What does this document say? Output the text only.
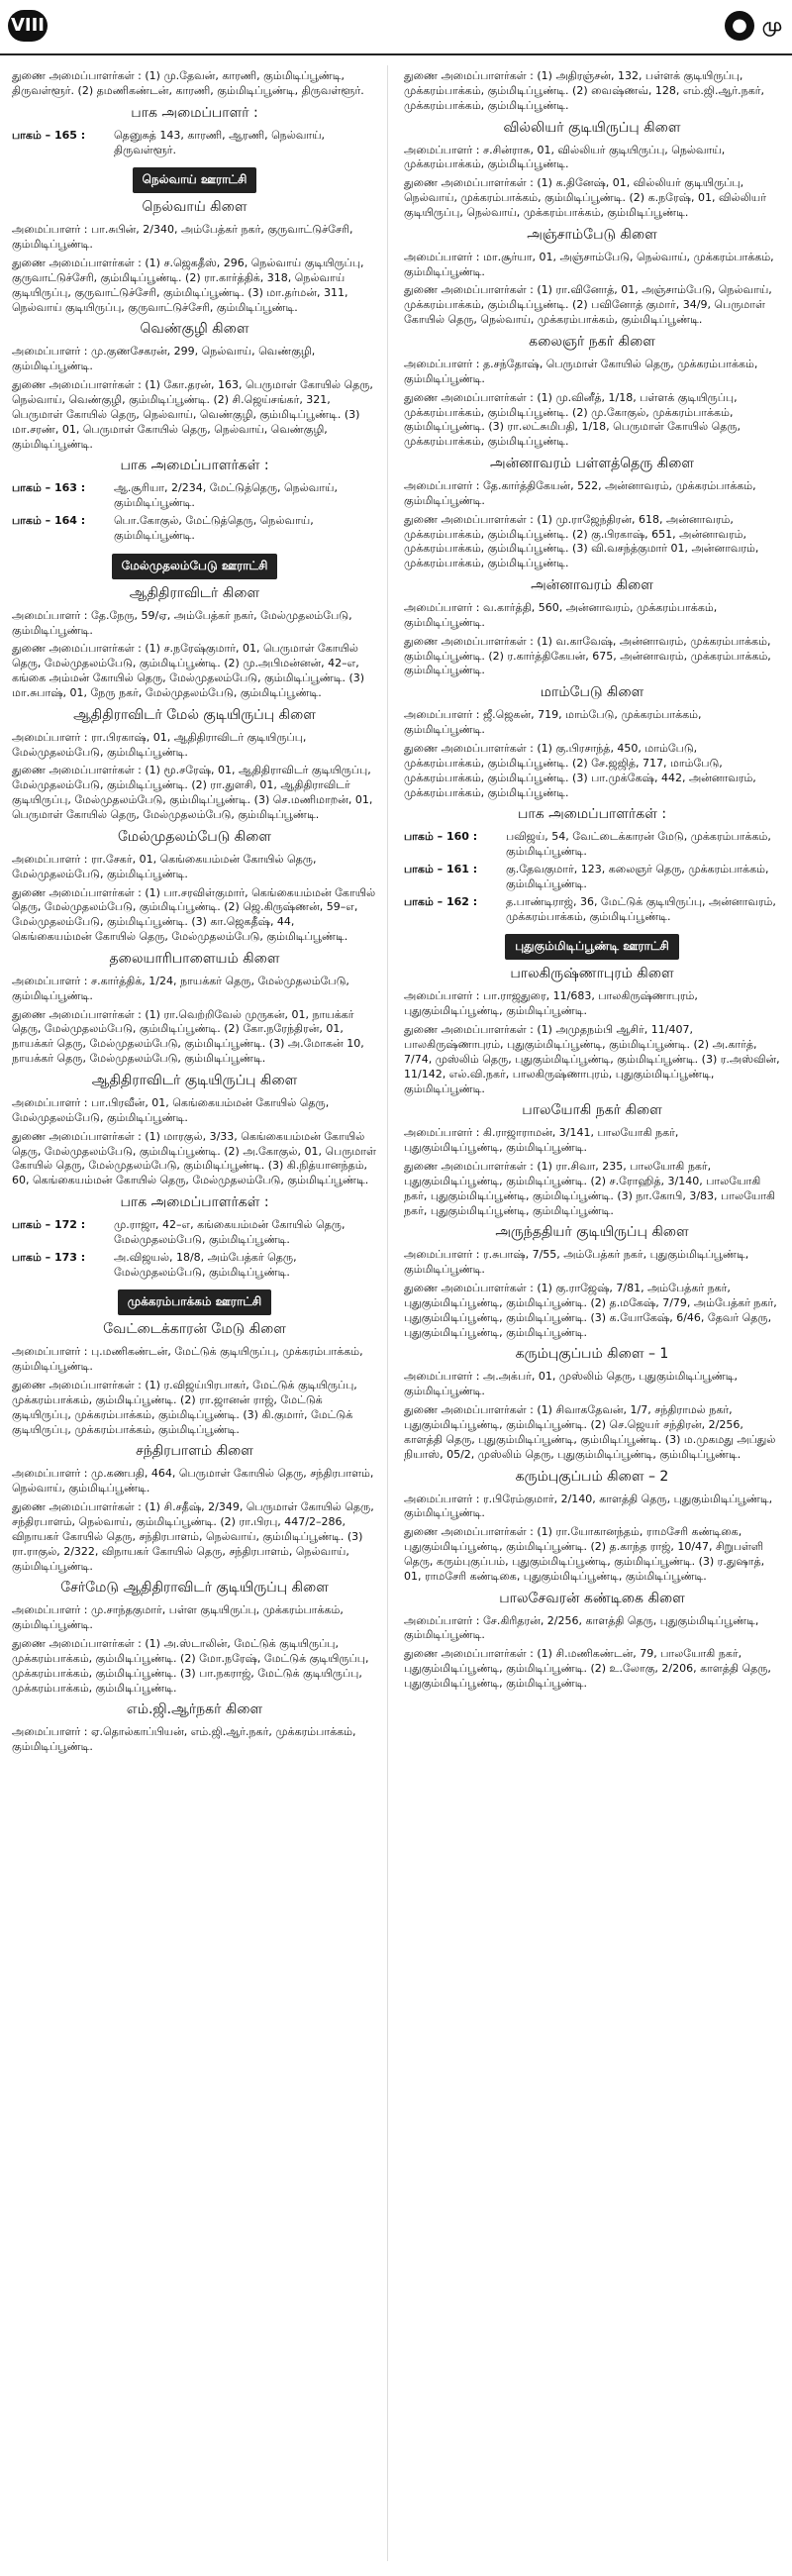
VIII	● மு
துணை அமைப்பாளர்கள் : (1) மு.தேவன், காரணி, கும்மிடிப்பூண்டி, திருவள்ளூர். (2) தமணிகண்டன், காரணி, கும்மிடிப்பூண்டி, திருவள்ளூர்.
பாக அமைப்பாளர் :
பாகம் – 165 :	தெனுசுத் 143, காரணி, ஆரணி, நெல்வாய், திருவள்ளூர்.
நெல்வாய் ஊராட்சி
நெல்வாய் கிளை
அமைப்பாளர் : பா.சுபின், 2/340, அம்பேத்கர் நகர், குருவாட்டுச்சேரி, கும்மிடிப்பூண்டி.
துணை அமைப்பாளர்கள் : (1) ச.ஜெகதீஸ், 296, நெல்வாய் குடியிருப்பு, குருவாட்டுச்சேரி, கும்மிடிப்பூண்டி. (2) ரா.கார்த்திக், 318, நெல்வாய் குடியிருப்பு, குருவாட்டுச்சேரி, கும்மிடிப்பூண்டி. (3) மா.தர்மன், 311, நெல்வாய் குடியிருப்பு, குருவாட்டுச்சேரி, கும்மிடிப்பூண்டி.
வெண்குழி கிளை
அமைப்பாளர் : மு.குணசேகரன், 299, நெல்வாய், வெண்குழி, கும்மிடிப்பூண்டி.
துணை அமைப்பாளர்கள் : (1) கோ.தரன், 163, பெருமாள் கோயில் தெரு, நெல்வாய், வெண்குழி, கும்மிடிப்பூண்டி. (2) சி.ஜெய்சங்கர், 321, பெருமாள் கோயில் தெரு, நெல்வாய், வெண்குழி, கும்மிடிப்பூண்டி. (3) மா.சரண், 01, பெருமாள் கோயில் தெரு, நெல்வாய், வெண்குழி, கும்மிடிப்பூண்டி.
பாக அமைப்பாளர்கள் :
பாகம் – 163 :	ஆ.சூரியா, 2/234, மேட்டுத்தெரு, நெல்வாய், கும்மிடிப்பூண்டி.
பாகம் – 164 :	பொ.கோகுல், மேட்டுத்தெரு, நெல்வாய், கும்மிடிப்பூண்டி.
மேல்முதலம்பேடு ஊராட்சி
ஆதிதிராவிடர் கிளை
அமைப்பாளர் : தே.நேரு, 59/ஏ, அம்பேத்கர் நகர், மேல்முதலம்பேடு, கும்மிடிப்பூண்டி.
துணை அமைப்பாளர்கள் : (1) ச.நரேஷ்குமார், 01, பெருமாள் கோயில் தெரு, மேல்முதலம்பேடு, கும்மிடிப்பூண்டி. (2) மு.அபிமன்னன், 42–எ, கங்கை அம்மன் கோயில் தெரு, மேல்முதலம்பேடு, கும்மிடிப்பூண்டி. (3) மா.சுபாஷ், 01, நேரு நகர், மேல்முதலம்பேடு, கும்மிடிப்பூண்டி.
ஆதிதிராவிடர் மேல் குடியிருப்பு கிளை
அமைப்பாளர் : ரா.பிரகாஷ், 01, ஆதிதிராவிடர் குடியிருப்பு, மேல்முதலம்பேடு, கும்மிடிப்பூண்டி.
துணை அமைப்பாளர்கள் : (1) மூ.சரேஷ், 01, ஆதிதிராவிடர் குடியிருப்பு, மேல்முதலம்பேடு, கும்மிடிப்பூண்டி. (2) ரா.துளசி, 01, ஆதிதிராவிடர் குடியிருப்பு, மேல்முதலம்பேடு, கும்மிடிப்பூண்டி. (3) செ.மணிமாறன், 01, பெருமாள் கோயில் தெரு, மேல்முதலம்பேடு, கும்மிடிப்பூண்டி.
மேல்முதலம்பேடு கிளை
அமைப்பாளர் : ரா.சேகர், 01, கெங்கையம்மன் கோயில் தெரு, மேல்முதலம்பேடு, கும்மிடிப்பூண்டி.
துணை அமைப்பாளர்கள் : (1) பா.சரவிள்குமார், கெங்கையம்மன் கோயில் தெரு, மேல்முதலம்பேடு, கும்மிடிப்பூண்டி. (2) ஜெ.கிருஷ்ணன், 59–எ, மேல்முதலம்பேடு, கும்மிடிப்பூண்டி. (3) கா.ஜெகதீஷ், 44, கெங்கையம்மன் கோயில் தெரு, மேல்முதலம்பேடு, கும்மிடிப்பூண்டி.
தலையாரிபாளையம் கிளை
அமைப்பாளர் : ச.கார்த்திக், 1/24, நாயக்கர் தெரு, மேல்முதலம்பேடு, கும்மிடிப்பூண்டி.
துணை அமைப்பாளர்கள் : (1) ரா.வெற்றிவேல் முருகன், 01, நாயக்கர் தெரு, மேல்முதலம்பேடு, கும்மிடிப்பூண்டி. (2) கோ.நரேந்திரன், 01, நாயக்கர் தெரு, மேல்முதலம்பேடு, கும்மிடிப்பூண்டி. (3) அ.மோகன் 10, நாயக்கர் தெரு, மேல்முதலம்பேடு, கும்மிடிப்பூண்டி.
ஆதிதிராவிடர் குடியிருப்பு கிளை
அமைப்பாளர் : பா.பிரவீன், 01, கெங்கையம்மன் கோயில் தெரு, மேல்முதலம்பேடு, கும்மிடிப்பூண்டி.
துணை அமைப்பாளர்கள் : (1) மாரகுல், 3/33, கெங்கையம்மன் கோயில் தெரு, மேல்முதலம்பேடு, கும்மிடிப்பூண்டி. (2) அ.கோகுல், 01, பெருமாள் கோயில் தெரு, மேல்முதலம்பேடு, கும்மிடிப்பூண்டி. (3) கி.நித்யானந்தம், 60, கெங்கையம்மன் கோயில் தெரு, மேல்முதலம்பேடு, கும்மிடிப்பூண்டி.
பாக அமைப்பாளர்கள் :
பாகம் – 172 :	மு.ராஜா, 42–எ, கங்கையம்மன் கோயில் தெரு, மேல்முதலம்பேடு, கும்மிடிப்பூண்டி.
பாகம் – 173 :	அ.விஜயல், 18/8, அம்பேத்கர் தெரு, மேல்முதலம்பேடு, கும்மிடிப்பூண்டி.
முக்கரம்பாக்கம் ஊராட்சி
வேட்டைக்காரன் மேடு கிளை
அமைப்பாளர் : பு.மணிகண்டன், மேட்டுக் குடியிருப்பு, முக்கரம்பாக்கம், கும்மிடிப்பூண்டி.
துணை அமைப்பாளர்கள் : (1) ர.விஜய்பிரபாகர், மேட்டுக் குடியிருப்பு, முக்கரம்பாக்கம், கும்மிடிப்பூண்டி. (2) ரா.ஜானன் ராஜ், மேட்டுக் குடியிருப்பு, முக்கரம்பாக்கம், கும்மிடிப்பூண்டி. (3) கி.குமார், மேட்டுக் குடியிருப்பு, முக்கரம்பாக்கம், கும்மிடிப்பூண்டி.
சந்திரபாளம் கிளை
அமைப்பாளர் : மு.கணபதி, 464, பெருமாள் கோயில் தெரு, சந்திரபாளம், நெல்வாய், கும்மிடிப்பூண்டி.
துணை அமைப்பாளர்கள் : (1) சி.சதீஷ், 2/349, பெருமாள் கோயில் தெரு, சந்திரபாளம், நெல்வாய், கும்மிடிப்பூண்டி. (2) ரா.பிரபு, 447/2–286, விநாயகர் கோயில் தெரு, சந்திரபாளம், நெல்வாய், கும்மிடிப்பூண்டி. (3) ரா.ராகுல், 2/322, விநாயகர் கோயில் தெரு, சந்திரபாளம், நெல்வாய், கும்மிடிப்பூண்டி.
சேர்மேடு ஆதிதிராவிடர் குடியிருப்பு கிளை
அமைப்பாளர் : மு.சாந்தகுமார், பள்ள குடியிருப்பு, முக்கரம்பாக்கம், கும்மிடிப்பூண்டி.
துணை அமைப்பாளர்கள் : (1) அ.ஸ்டாலின், மேட்டுக் குடியிருப்பு, முக்கரம்பாக்கம், கும்மிடிப்பூண்டி. (2) மோ.நரேஷ், மேட்டுக் குடியிருப்பு, முக்கரம்பாக்கம், கும்மிடிப்பூண்டி. (3) பா.நகராஜ், மேட்டுக் குடியிருப்பு, முக்கரம்பாக்கம், கும்மிடிப்பூண்டி.
எம்.ஜி.ஆர்நகர் கிளை
அமைப்பாளர் : ஏ.தொல்காப்பியன், எம்.ஜி.ஆர்.நகர், முக்கரம்பாக்கம், கும்மிடிப்பூண்டி.
துணை அமைப்பாளர்கள் : (1) அதிரஞ்சன், 132, பள்ளக் குடியிருப்பு, முக்கரம்பாக்கம், கும்மிடிப்பூண்டி. (2) வைஷ்ணவ், 128, எம்.ஜி.ஆர்.நகர், முக்கரம்பாக்கம், கும்மிடிப்பூண்டி.
வில்லியர் குடியிருப்பு கிளை
அமைப்பாளர் : ச.சின்ராசு, 01, வில்லியர் குடியிருப்பு, நெல்வாய், முக்கரம்பாக்கம், கும்மிடிப்பூண்டி.
துணை அமைப்பாளர்கள் : (1) க.தினேஷ், 01, வில்லியர் குடியிருப்பு, நெல்வாய், முக்கரம்பாக்கம், கும்மிடிப்பூண்டி. (2) க.நரேஷ், 01, வில்லியர் குடியிருப்பு, நெல்வாய், முக்கரம்பாக்கம், கும்மிடிப்பூண்டி.
அஞ்சாம்பேடு கிளை
அமைப்பாளர் : மா.சூர்யா, 01, அஞ்சாம்பேடு, நெல்வாய், முக்கரம்பாக்கம், கும்மிடிப்பூண்டி.
துணை அமைப்பாளர்கள் : (1) ரா.வினோத், 01, அஞ்சாம்பேடு, நெல்வாய், முக்கரம்பாக்கம், கும்மிடிப்பூண்டி. (2) பவினோத் குமார், 34/9, பெருமாள் கோயில் தெரு, நெல்வாய், முக்கரம்பாக்கம், கும்மிடிப்பூண்டி.
கலைஞர் நகர் கிளை
அமைப்பாளர் : த.சந்தோஷ், பெருமாள் கோயில் தெரு, முக்கரம்பாக்கம், கும்மிடிப்பூண்டி.
துணை அமைப்பாளர்கள் : (1) மு.வினீத், 1/18, பள்ளக் குடியிருப்பு, முக்கரம்பாக்கம், கும்மிடிப்பூண்டி. (2) மு.கோகுல், முக்கரம்பாக்கம், கும்மிடிப்பூண்டி. (3) ரா.லட்சுமிபதி, 1/18, பெருமாள் கோயில் தெரு, முக்கரம்பாக்கம், கும்மிடிப்பூண்டி.
அன்னாவரம் பள்ளத்தெரு கிளை
அமைப்பாளர் : தே.கார்த்திகேயன், 522, அன்னாவரம், முக்கரம்பாக்கம், கும்மிடிப்பூண்டி.
துணை அமைப்பாளர்கள் : (1) மு.ராஜேந்திரன், 618, அன்னாவரம், முக்கரம்பாக்கம், கும்மிடிப்பூண்டி. (2) கு.பிரகாஷ், 651, அன்னாவரம், முக்கரம்பாக்கம், கும்மிடிப்பூண்டி. (3) வி.வசந்த்குமார் 01, அன்னாவரம், முக்கரம்பாக்கம், கும்மிடிப்பூண்டி.
அன்னாவரம் கிளை
அமைப்பாளர் : வ.கார்த்தி, 560, அன்னாவரம், முக்கரம்பாக்கம், கும்மிடிப்பூண்டி.
துணை அமைப்பாளர்கள் : (1) வ.காவேஷ், அன்னாவரம், முக்கரம்பாக்கம், கும்மிடிப்பூண்டி. (2) ர.கார்த்திகேயன், 675, அன்னாவரம், முக்கரம்பாக்கம், கும்மிடிப்பூண்டி.
மாம்பேடு கிளை
அமைப்பாளர் : ஜீ.ஜெகன், 719, மாம்பேடு, முக்கரம்பாக்கம், கும்மிடிப்பூண்டி.
துணை அமைப்பாளர்கள் : (1) கு.பிரசாந்த், 450, மாம்பேடு, முக்கரம்பாக்கம், கும்மிடிப்பூண்டி. (2) சே.ஜஜித், 717, மாம்பேடு, முக்கரம்பாக்கம், கும்மிடிப்பூண்டி. (3) பா.முக்கேஷ், 442, அன்னாவரம், முக்கரம்பாக்கம், கும்மிடிப்பூண்டி.
பாக அமைப்பாளர்கள் :
பாகம் – 160 :	பவிஜய், 54, வேட்டைக்காரன் மேடு, முக்கரம்பாக்கம், கும்மிடிப்பூண்டி.
பாகம் – 161 :	கு.தேவகுமார், 123, கலைஞர் தெரு, முக்கரம்பாக்கம், கும்மிடிப்பூண்டி.
பாகம் – 162 :	த.பாண்டிராஜ், 36, மேட்டுக் குடியிருப்பு, அன்னாவரம், முக்கரம்பாக்கம், கும்மிடிப்பூண்டி.
புதுகும்மிடிப்பூண்டி ஊராட்சி
பாலகிருஷ்ணாபுரம் கிளை
அமைப்பாளர் : பா.ராஜதுரை, 11/683, பாலகிருஷ்ணாபுரம், புதுகும்மிடிப்பூண்டி, கும்மிடிப்பூண்டி.
துணை அமைப்பாளர்கள் : (1) அமுதநம்பி ஆசிர், 11/407, பாலகிருஷ்ணாபுரம், புதுகும்மிடிப்பூண்டி, கும்மிடிப்பூண்டி. (2) அ.கார்த், 7/74, முஸ்லிம் தெரு, புதுகும்மிடிப்பூண்டி, கும்மிடிப்பூண்டி. (3) ர.அஸ்வின், 11/142, எல்.வி.நகர், பாலகிருஷ்ணாபுரம், புதுகும்மிடிப்பூண்டி, கும்மிடிப்பூண்டி.
பாலயோகி நகர் கிளை
அமைப்பாளர் : கி.ராஜாராமன், 3/141, பாலயோகி நகர், புதுகும்மிடிப்பூண்டி, கும்மிடிப்பூண்டி.
துணை அமைப்பாளர்கள் : (1) ரா.சிவா, 235, பாலயோகி நகர், புதுகும்மிடிப்பூண்டி, கும்மிடிப்பூண்டி. (2) ச.ரோஹித், 3/140, பாலயோகி நகர், புதுகும்மிடிப்பூண்டி, கும்மிடிப்பூண்டி. (3) நா.கோபி, 3/83, பாலயோகி நகர், புதுகும்மிடிப்பூண்டி, கும்மிடிப்பூண்டி.
அருந்ததியர் குடியிருப்பு கிளை
அமைப்பாளர் : ர.சுபாஷ், 7/55, அம்பேத்கர் நகர், புதுகும்மிடிப்பூண்டி, கும்மிடிப்பூண்டி.
துணை அமைப்பாளர்கள் : (1) கு.ராஜேஷ், 7/81, அம்பேத்கர் நகர், புதுகும்மிடிப்பூண்டி, கும்மிடிப்பூண்டி. (2) த.மகேஷ், 7/79, அம்பேத்கர் நகர், புதுகும்மிடிப்பூண்டி, கும்மிடிப்பூண்டி. (3) க.யோகேஷ், 6/46, தேவர் தெரு, புதுகும்மிடிப்பூண்டி, கும்மிடிப்பூண்டி.
கரும்புகுப்பம் கிளை – 1
அமைப்பாளர் : அ.அக்பர், 01, முஸ்லிம் தெரு, புதுகும்மிடிப்பூண்டி, கும்மிடிப்பூண்டி.
துணை அமைப்பாளர்கள் : (1) சிவாகதேவன், 1/7, சந்திராமல் நகர், புதுகும்மிடிப்பூண்டி, கும்மிடிப்பூண்டி. (2) செ.ஜெயர் சந்திரன், 2/256, காளத்தி தெரு, புதுகும்மிடிப்பூண்டி, கும்மிடிப்பூண்டி. (3) ம.முகமது அப்துல் நியாஸ், 05/2, முஸ்லிம் தெரு, புதுகும்மிடிப்பூண்டி, கும்மிடிப்பூண்டி.
கரும்புகுப்பம் கிளை – 2
அமைப்பாளர் : ர.பிரேம்குமார், 2/140, காளத்தி தெரு, புதுகும்மிடிப்பூண்டி, கும்மிடிப்பூண்டி.
துணை அமைப்பாளர்கள் : (1) ரா.யோகானந்தம், ராமசேரி கண்டிகை, புதுகும்மிடிப்பூண்டி, கும்மிடிப்பூண்டி. (2) த.காந்த ராஜ், 10/47, சிறுபள்ளி தெரு, கரும்புகுப்பம், புதுகும்மிடிப்பூண்டி, கும்மிடிப்பூண்டி. (3) ர.துஷாத், 01, ராமசேரி கண்டிகை, புதுகும்மிடிப்பூண்டி, கும்மிடிப்பூண்டி.
பாலசேவரன் கண்டிகை கிளை
அமைப்பாளர் : சே.கிரிதரன், 2/256, காளத்தி தெரு, புதுகும்மிடிப்பூண்டி, கும்மிடிப்பூண்டி.
துணை அமைப்பாளர்கள் : (1) சி.மணிகண்டன், 79, பாலயோகி நகர், புதுகும்மிடிப்பூண்டி, கும்மிடிப்பூண்டி. (2) உ.லோகு, 2/206, காளத்தி தெரு, புதுகும்மிடிப்பூண்டி, கும்மிடிப்பூண்டி.
